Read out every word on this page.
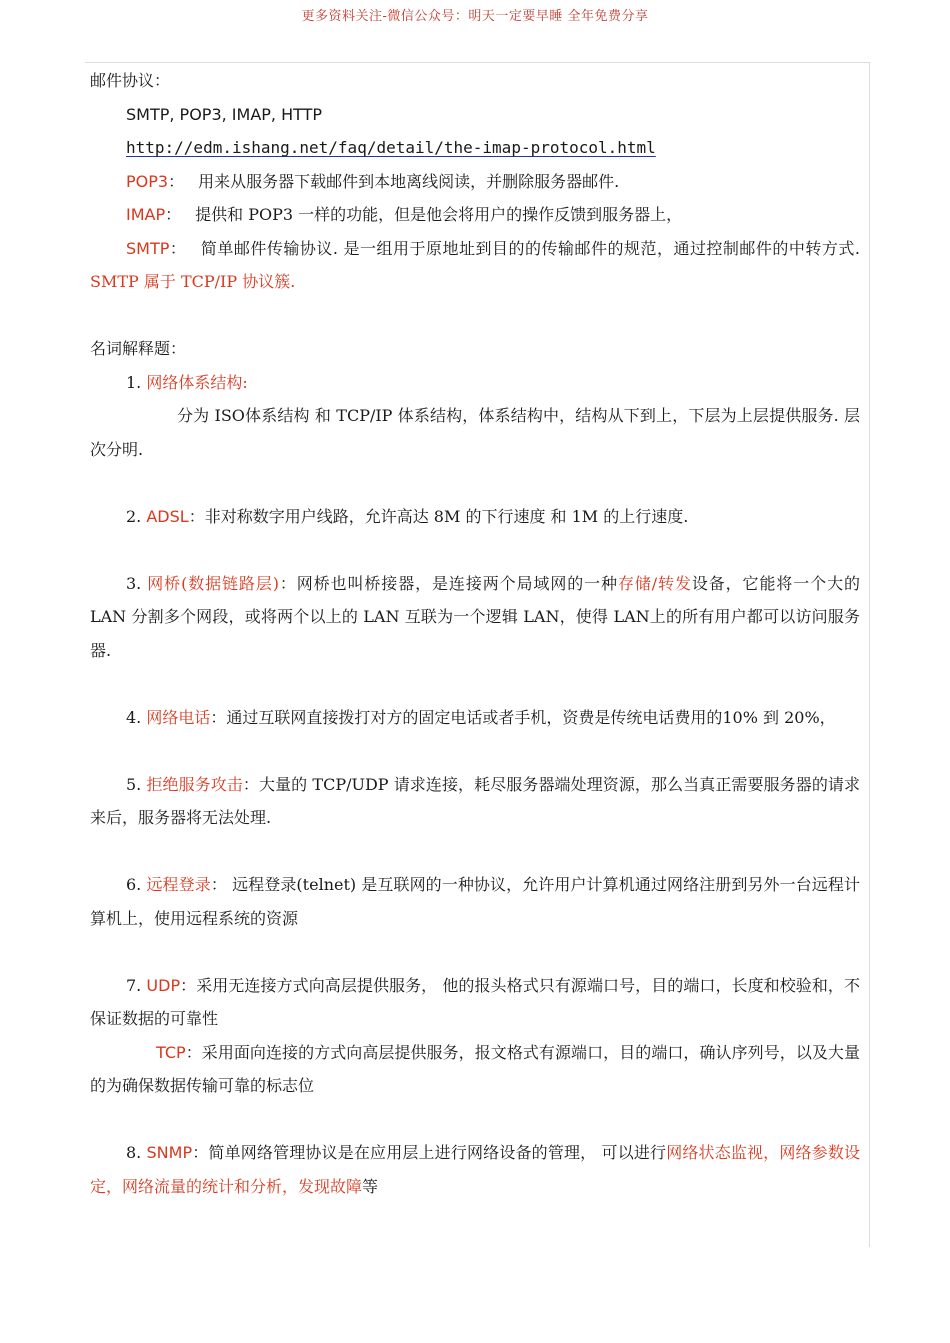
更多资料关注-微信公众号：明天一定要早睡 全年免费分享

邮件协议：

SMTP, POP3, IMAP, HTTP

http://edm.ishang.net/faq/detail/the-imap-protocol.html

POP3： 用来从服务器下载邮件到本地离线阅读，并删除服务器邮件.

IMAP： 提供和 POP3 一样的功能，但是他会将用户的操作反馈到服务器上，

SMTP： 简单邮件传输协议. 是一组用于原地址到目的的传输邮件的规范，通过控制邮件的中转方式. SMTP 属于 TCP/IP 协议簇.

名词解释题：

1. 网络体系结构:

分为 ISO体系结构 和 TCP/IP 体系结构，体系结构中，结构从下到上，下层为上层提供服务. 层次分明.

2. ADSL：非对称数字用户线路，允许高达 8M 的下行速度 和 1M 的上行速度.

3. 网桥(数据链路层)：网桥也叫桥接器，是连接两个局域网的一种存储/转发设备，它能将一个大的 LAN 分割多个网段，或将两个以上的 LAN 互联为一个逻辑 LAN，使得 LAN上的所有用户都可以访问服务器.

4. 网络电话：通过互联网直接拨打对方的固定电话或者手机，资费是传统电话费用的10% 到 20%，

5. 拒绝服务攻击：大量的 TCP/UDP 请求连接，耗尽服务器端处理资源，那么当真正需要服务器的请求来后，服务器将无法处理.

6. 远程登录： 远程登录(telnet) 是互联网的一种协议，允许用户计算机通过网络注册到另外一台远程计算机上，使用远程系统的资源

7. UDP：采用无连接方式向高层提供服务， 他的报头格式只有源端口号，目的端口，长度和校验和，不保证数据的可靠性

TCP：采用面向连接的方式向高层提供服务，报文格式有源端口，目的端口，确认序列号，以及大量的为确保数据传输可靠的标志位

8. SNMP：简单网络管理协议是在应用层上进行网络设备的管理， 可以进行网络状态监视，网络参数设定，网络流量的统计和分析，发现故障等
